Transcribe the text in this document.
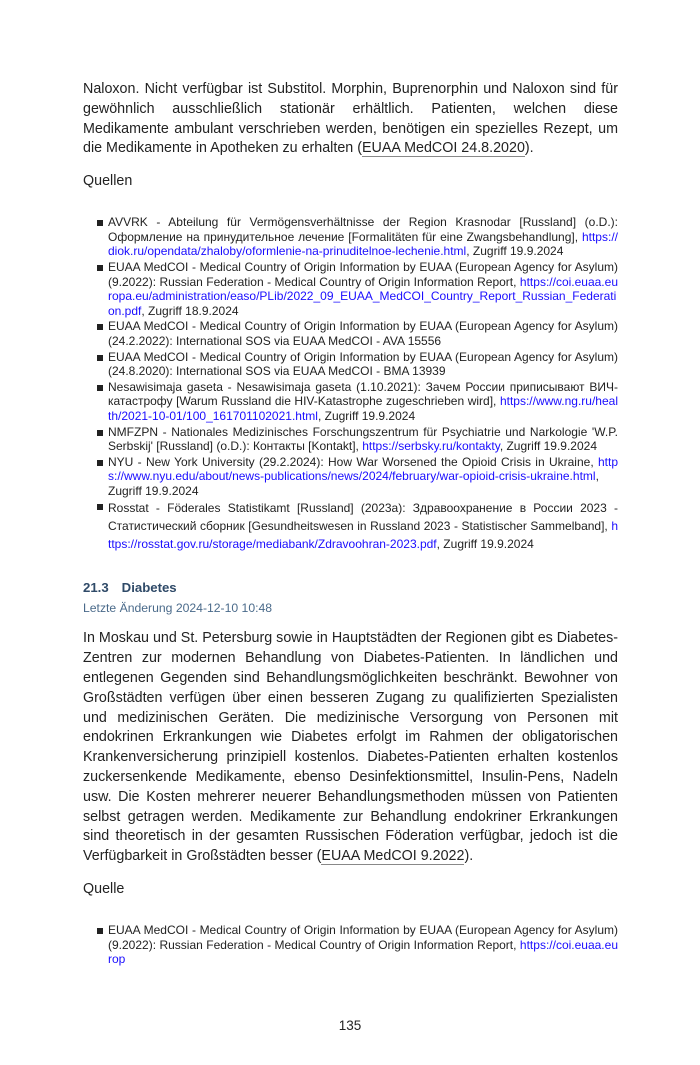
Naloxon. Nicht verfügbar ist Substitol. Morphin, Buprenorphin und Naloxon sind für gewöhnlich ausschließlich stationär erhältlich. Patienten, welchen diese Medikamente ambulant verschrieben werden, benötigen ein spezielles Rezept, um die Medikamente in Apotheken zu erhalten (EUAA MedCOI 24.8.2020).

Quellen

AVVRK - Abteilung für Vermögensverhältnisse der Region Krasnodar [Russland] (o.D.): Оформление на принудительное лечение [Formalitäten für eine Zwangsbehandlung], https://diok.ru/opendata/zhaloby/oformlenie-na-prinuditelnoe-lechenie.html, Zugriff 19.9.2024
EUAA MedCOI - Medical Country of Origin Information by EUAA (European Agency for Asylum) (9.2022): Russian Federation - Medical Country of Origin Information Report, https://coi.euaa.europa.eu/administration/easo/PLib/2022_09_EUAA_MedCOI_Country_Report_Russian_Federation.pdf, Zugriff 18.9.2024
EUAA MedCOI - Medical Country of Origin Information by EUAA (European Agency for Asylum) (24.2.2022): International SOS via EUAA MedCOI - AVA 15556
EUAA MedCOI - Medical Country of Origin Information by EUAA (European Agency for Asylum) (24.8.2020): International SOS via EUAA MedCOI - BMA 13939
Nesawisimaja gaseta - Nesawisimaja gaseta (1.10.2021): Зачем России приписывают ВИЧ-катастрофу [Warum Russland die HIV-Katastrophe zugeschrieben wird], https://www.ng.ru/health/2021-10-01/100_161701102021.html, Zugriff 19.9.2024
NMFZPN - Nationales Medizinisches Forschungszentrum für Psychiatrie und Narkologie 'W.P. Serbskij' [Russland] (o.D.): Контакты [Kontakt], https://serbsky.ru/kontakty, Zugriff 19.9.2024
NYU - New York University (29.2.2024): How War Worsened the Opioid Crisis in Ukraine, https://www.nyu.edu/about/news-publications/news/2024/february/war-opioid-crisis-ukraine.html, Zugriff 19.9.2024
Rosstat - Föderales Statistikamt [Russland] (2023a): Здравоохранение в России 2023 - Статистический сборник [Gesundheitswesen in Russland 2023 - Statistischer Sammelband], https://rosstat.gov.ru/storage/mediabank/Zdravoohran-2023.pdf, Zugriff 19.9.2024
21.3 Diabetes
Letzte Änderung 2024-12-10 10:48

In Moskau und St. Petersburg sowie in Hauptstädten der Regionen gibt es Diabetes-Zentren zur modernen Behandlung von Diabetes-Patienten. In ländlichen und entlegenen Gegenden sind Behandlungsmöglichkeiten beschränkt. Bewohner von Großstädten verfügen über einen besseren Zugang zu qualifizierten Spezialisten und medizinischen Geräten. Die medizinische Versorgung von Personen mit endokrinen Erkrankungen wie Diabetes erfolgt im Rahmen der obligatorischen Krankenversicherung prinzipiell kostenlos. Diabetes-Patienten erhalten kostenlos zuckersenkende Medikamente, ebenso Desinfektionsmittel, Insulin-Pens, Nadeln usw. Die Kosten mehrerer neuerer Behandlungsmethoden müssen von Patienten selbst getragen werden. Medikamente zur Behandlung endokriner Erkrankungen sind theoretisch in der gesamten Russischen Föderation verfügbar, jedoch ist die Verfügbarkeit in Großstädten besser (EUAA MedCOI 9.2022).

Quelle

EUAA MedCOI - Medical Country of Origin Information by EUAA (European Agency for Asylum) (9.2022): Russian Federation - Medical Country of Origin Information Report, https://coi.euaa.europ
135
